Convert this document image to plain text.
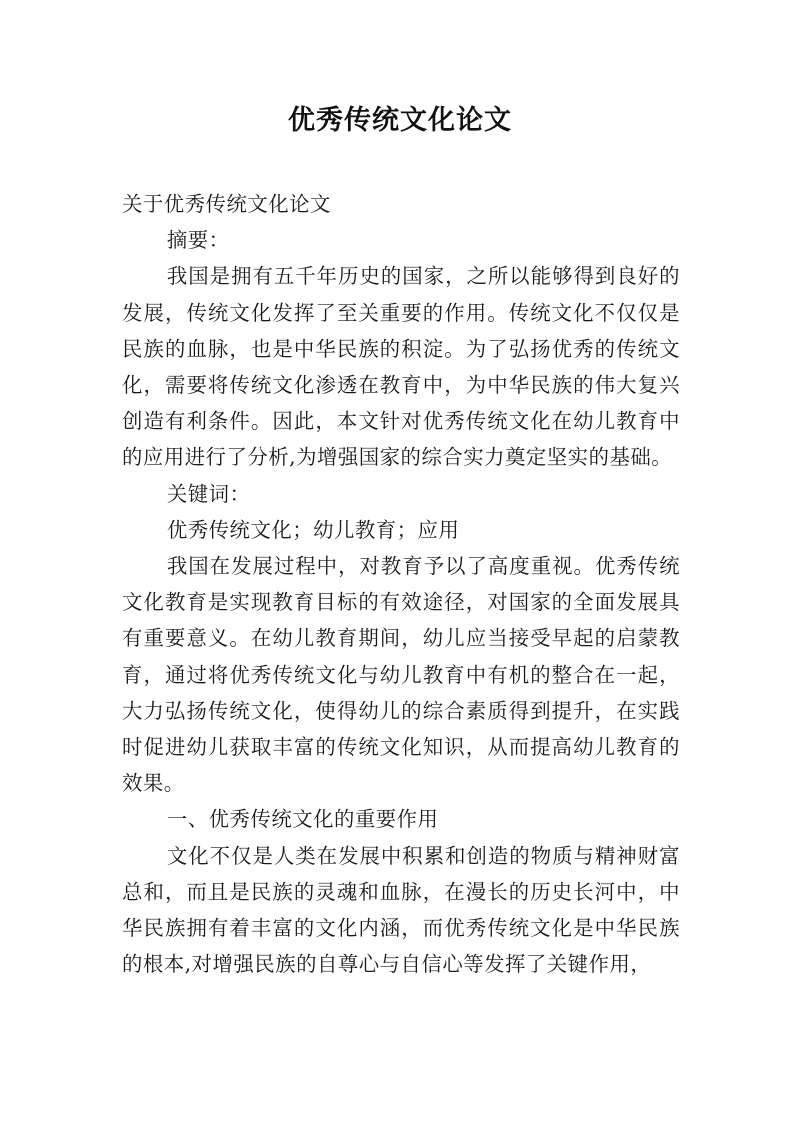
优秀传统文化论文

关于优秀传统文化论文

摘要：

我国是拥有五千年历史的国家，之所以能够得到良好的发展，传统文化发挥了至关重要的作用。传统文化不仅仅是民族的血脉，也是中华民族的积淀。为了弘扬优秀的传统文化，需要将传统文化渗透在教育中，为中华民族的伟大复兴创造有利条件。因此，本文针对优秀传统文化在幼儿教育中的应用进行了分析,为增强国家的综合实力奠定坚实的基础。

关键词：

优秀传统文化；幼儿教育；应用

我国在发展过程中，对教育予以了高度重视。优秀传统文化教育是实现教育目标的有效途径，对国家的全面发展具有重要意义。在幼儿教育期间，幼儿应当接受早起的启蒙教育，通过将优秀传统文化与幼儿教育中有机的整合在一起，大力弘扬传统文化，使得幼儿的综合素质得到提升，在实践时促进幼儿获取丰富的传统文化知识，从而提高幼儿教育的效果。

一、优秀传统文化的重要作用

文化不仅是人类在发展中积累和创造的物质与精神财富总和，而且是民族的灵魂和血脉，在漫长的历史长河中，中华民族拥有着丰富的文化内涵，而优秀传统文化是中华民族的根本,对增强民族的自尊心与自信心等发挥了关键作用，
